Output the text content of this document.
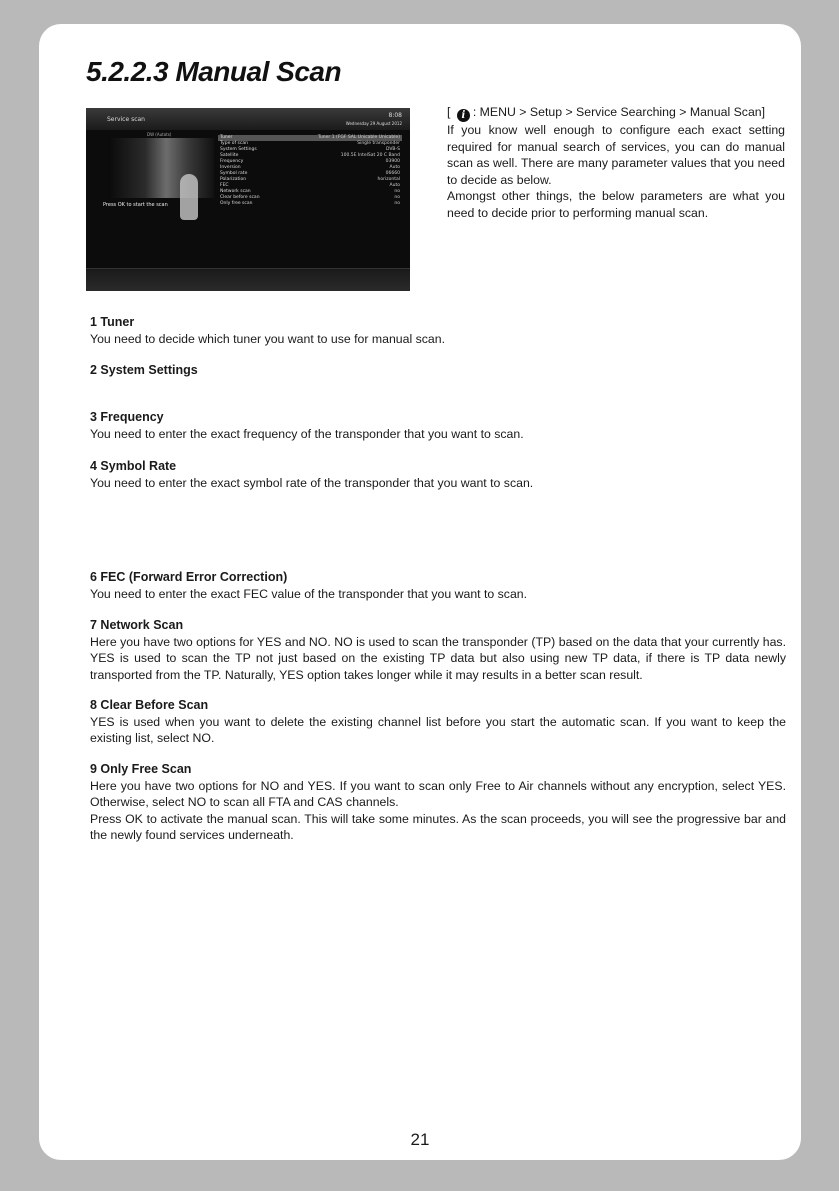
5.2.2.3 Manual Scan
Service scan
8:08
Wednesday 29 August 2012
DW (Autots)
Press OK to start the scan
Tuner	Tuner 1 (FGF SAL Unicable Unicable)
Type of scan	Single transponder
System Settings	DVB-S
Satellite	100.5E IntelSat 20 C Band
Frequency	03900
Inversion	Auto
Symbol rate	06660
Polarization	horizontal
FEC	Auto
Network scan	no
Clear before scan	no
Only free scan	no

[ i : MENU > Setup > Service Searching > Manual Scan]

If you know well enough to configure each exact setting required for manual search of services, you can do manual scan as well. There are many parameter values that you need to decide as below.

Amongst other things, the below parameters are what you need to decide prior to performing manual scan.

1 Tuner

You need to decide which tuner you want to use for manual scan.

2 System Settings
3 Frequency

You need to enter the exact frequency of the transponder that you want to scan.

4 Symbol Rate

You need to enter the exact symbol rate of the transponder that you want to scan.

6 FEC (Forward Error Correction)

You need to enter the exact FEC value of the transponder that you want to scan.

7 Network Scan

Here you have two options for YES and NO. NO is used to scan the transponder (TP) based on the data that your currently has. YES is used to scan the TP not just based on the existing TP data but also using new TP data, if there is TP data newly transported from the TP. Naturally, YES option takes longer while it may results in a better scan result.

8 Clear Before Scan

YES is used when you want to delete the existing channel list before you start the automatic scan. If you want to keep the existing list, select NO.

9 Only Free Scan

Here you have two options for NO and YES. If you want to scan only Free to Air channels without any encryption, select YES. Otherwise, select NO to scan all FTA and CAS channels.

Press OK to activate the manual scan. This will take some minutes. As the scan proceeds, you will see the progressive bar and the newly found services underneath.

21
